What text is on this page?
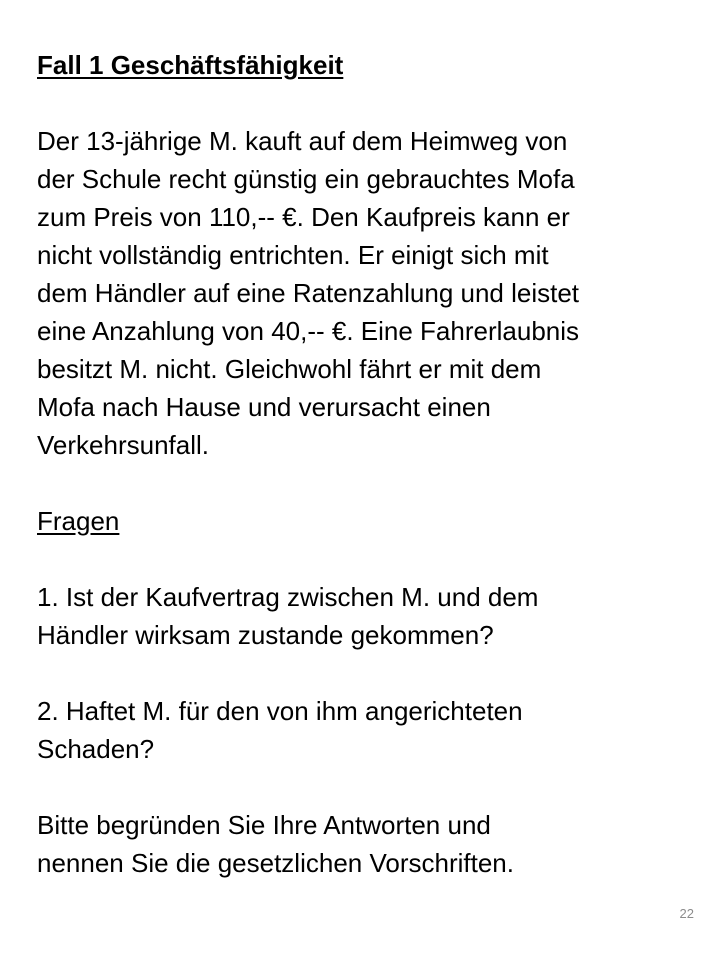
Fall 1 Geschäftsfähigkeit
Der 13-jährige M. kauft auf dem Heimweg von
der Schule recht günstig ein gebrauchtes Mofa
zum Preis von 110,-- €. Den Kaufpreis kann er
nicht vollständig entrichten. Er einigt sich mit
dem Händler auf eine Ratenzahlung und leistet
eine Anzahlung von 40,-- €. Eine Fahrerlaubnis
besitzt M. nicht. Gleichwohl fährt er mit dem
Mofa nach Hause und verursacht einen
Verkehrsunfall.
Fragen
1. Ist der Kaufvertrag zwischen M. und dem
Händler wirksam zustande gekommen?
2. Haftet M. für den von ihm angerichteten
Schaden?
Bitte begründen Sie Ihre Antworten und
nennen Sie die gesetzlichen Vorschriften.
22
